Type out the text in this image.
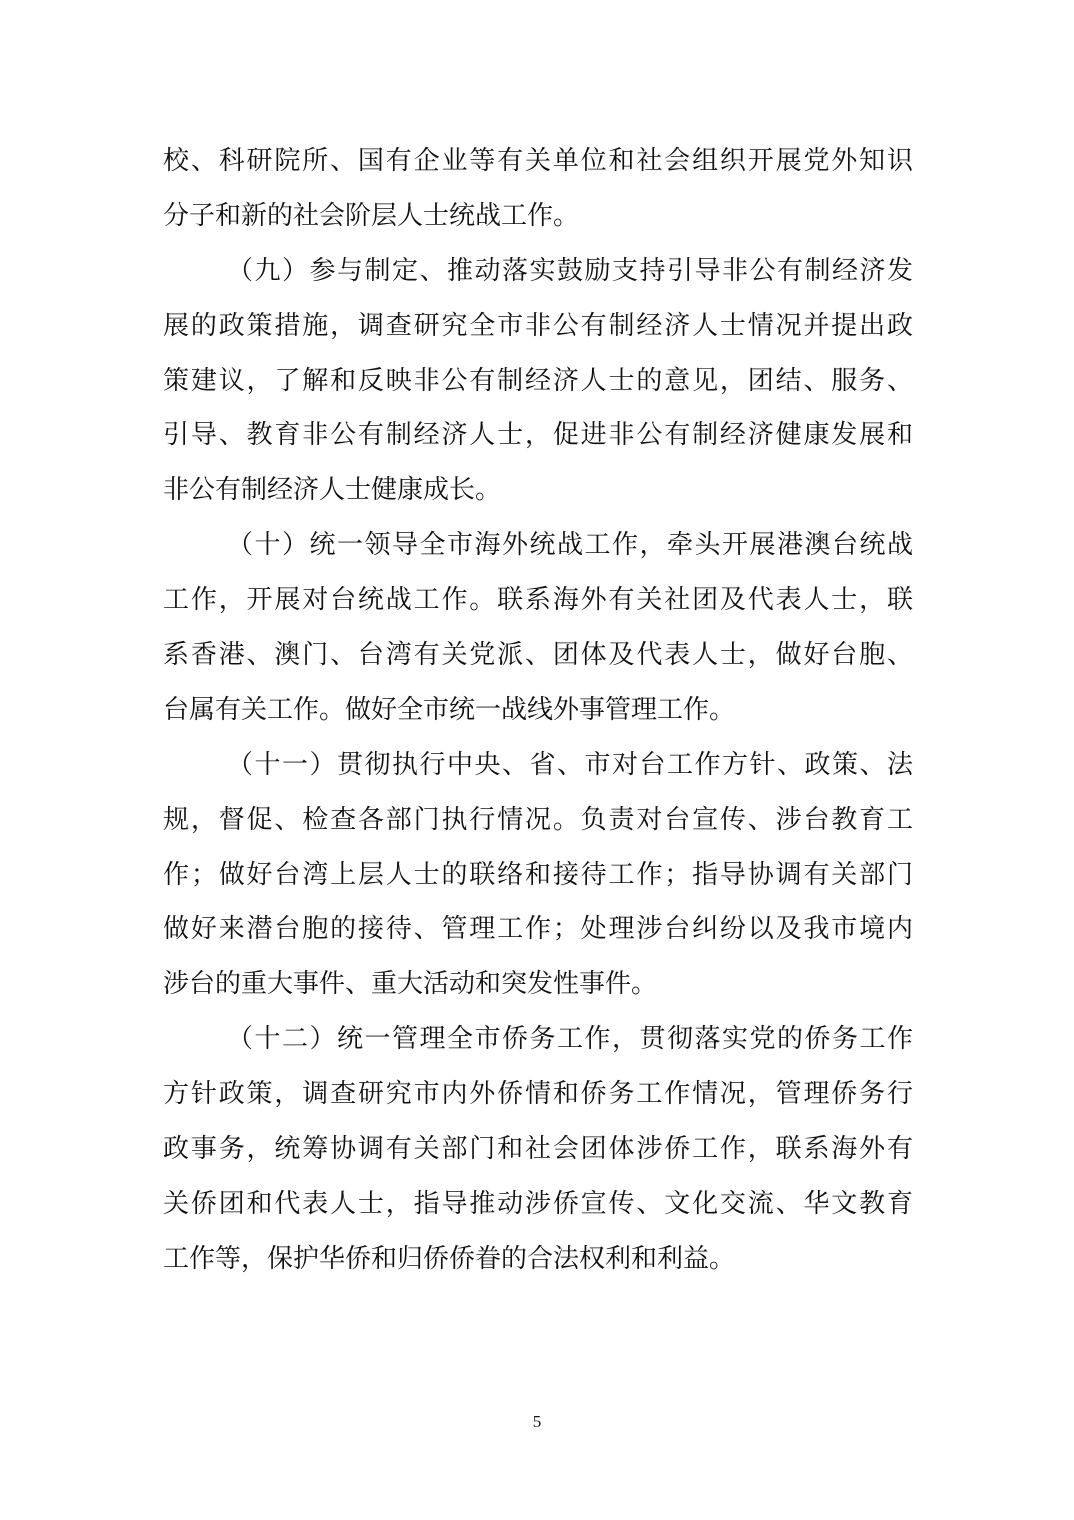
校、科研院所、国有企业等有关单位和社会组织开展党外知识
分子和新的社会阶层人士统战工作。
（九）参与制定、推动落实鼓励支持引导非公有制经济发
展的政策措施，调查研究全市非公有制经济人士情况并提出政
策建议，了解和反映非公有制经济人士的意见，团结、服务、
引导、教育非公有制经济人士，促进非公有制经济健康发展和
非公有制经济人士健康成长。
（十）统一领导全市海外统战工作，牵头开展港澳台统战
工作，开展对台统战工作。联系海外有关社团及代表人士，联
系香港、澳门、台湾有关党派、团体及代表人士，做好台胞、
台属有关工作。做好全市统一战线外事管理工作。
（十一）贯彻执行中央、省、市对台工作方针、政策、法
规，督促、检查各部门执行情况。负责对台宣传、涉台教育工
作；做好台湾上层人士的联络和接待工作；指导协调有关部门
做好来潜台胞的接待、管理工作；处理涉台纠纷以及我市境内
涉台的重大事件、重大活动和突发性事件。
（十二）统一管理全市侨务工作，贯彻落实党的侨务工作
方针政策，调查研究市内外侨情和侨务工作情况，管理侨务行
政事务，统筹协调有关部门和社会团体涉侨工作，联系海外有
关侨团和代表人士，指导推动涉侨宣传、文化交流、华文教育
工作等，保护华侨和归侨侨眷的合法权利和利益。
5
